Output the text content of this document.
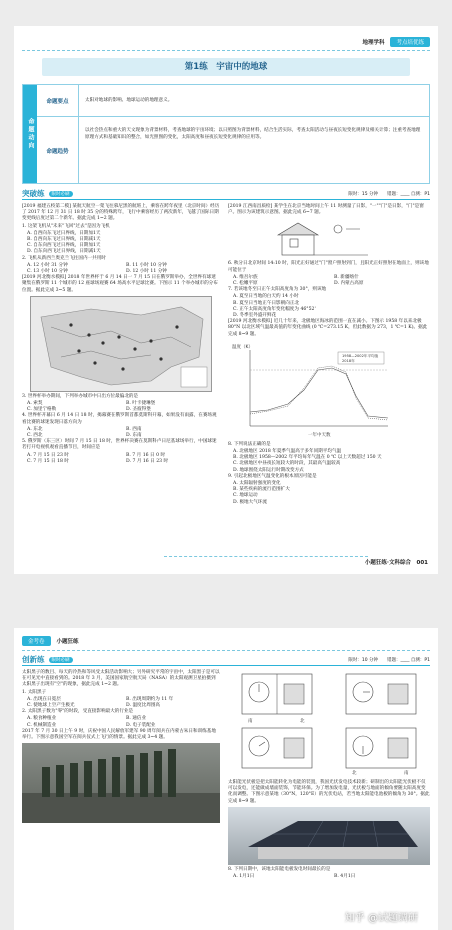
地理学科	考点培优练
第1练　宇宙中的地球
命题动向
命题要点	太阳对地球的影响、地球运动的地理意义。
命题趋势
以社会热点和重大的天文现象为背景材料，考查地球的宇宙环境；以日照图为背景材料，结合生活实际，考查太阳活动与昼夜长短变化规律及相关计算；注重考查地理原理方式和基础知识的整合，如光照图的变化，太阳高度和昼夜长短变化规律的应用等。
突破练	限时必刷	限时：15 分钟　　错题：____ 自测：P1
[2019 福建五校第二模] 某航天航空一架飞往慕尼黑的航班上，乘客在跨年夜里（北京时间）经历了 2017 年 12 月 31 日 18 时 35 分的特殊跨年，飞行中乘客经历了两次新年，飞越了国际日期变更线后度过第二个新年。据此完成 1~2 题。
1. 这架飞机从"未来"飞回"过去"是因为飞机
A. 自西向东飞过日界线，日期加1天
B. 自西向东飞过日界线，日期减1天
C. 自东向西飞过日界线，日期加1天
D. 自东向西飞过日界线，日期减1天
2. 飞机从新西兰奥克兰飞往国内一共用时
A. 12 小时 31 分钟	B. 11 小时 10 分钟
C. 13 小时 10 分钟	D. 12 小时 11 分钟
[2019 河北衡水模拟] 2018 年世界杯于 6 月 14 日一 7 月 15 日在俄罗斯举办，全世界有球迷聚集在俄罗斯 11 个城市的 12 座球场观赛 64 场高水平足球比赛。下图示 11 个举办城市的分布位置。据此完成 3~5 题。
3. 世界杯举办期间，下列举办城市中日出方位最偏北的是
A. 索契	B. 叶卡捷琳堡
C. 加里宁格勒	D. 圣彼得堡
4. 世界杯开幕日 6 月 14 日 18 时，揭幕赛在俄罗斯首都莫斯科开幕，如果没有雨露，在赛场观看比赛的球迷发现日落方向为
A. 东北	B. 西南
C. 西北	D. 东南
5. 俄罗斯（东三区）时间 7 月 15 日 18 时，世界杯决赛在莫斯科卢日尼基球场举行，中国球迷若打开电视机观看直播节目，时间应是
A. 7 月 15 日 23 时	B. 7 月 16 日 0 时
C. 7 月 15 日 18 时	D. 7 月 16 日 23 时
[2019 江西南昌质检] 某学生在北京当地时间上午 11 时测量了日影，"一""门"是日影，"门"是窗户。图示为该建筑示意图。据此完成 6~7 题。
6. 秋分日北京时间 14:10 时，阳光正好通过"门"窗户照射到门，且阳光正好照射在地面上，则该地可能位于
A. 维吾尔族	B. 新疆喀什
C. 松嫩平原	D. 内蒙古高原
7. 若该地冬至日正午太阳高度角为 30°，则该地
A. 夏至日当地的白天约 14 小时
B. 夏至日当地正午日影朝向正北
C. 正午太阳高度角年变化幅度为 46°52'
D. 冬季室外盛开鲜花
[2019 河北衡水模拟] 近几十年来，北极地区海冰的范围一直在减小。下图示 1958 年以来北极 80°N 以北区域气温最高值的年变化曲线 (0 ℃=273.15 K，但此数据为 273，1 ℃=1 K)。据此完成 8~9 题。
温度（K）
1958—2002年平均值
2018年
一年中天数
8. 下列说法正确的是
A. 北极地区 2018 年夏季气温高于多年同期平均气温
B. 北极地区 1958—2002 年平均每年气温在 0 ℃ 以上天数超过 150 天
C. 北极地区中昼夜长短较大的时段，其最高气温较高
D. 地球围绕太阳运行时期改变方式
9. 引起北极地区气温变化的根本原因可能是
A. 太阳辐射强度的变化
B. 某些疾病的流行范围扩大
C. 地球运动
D. 极地大气环流
小题狂练·文科综合　001
金考卷	小题狂练
创新练	限时必刷	限时：10 分钟　　错题：____ 自测：P1
太阳黑子的数目、每天的冷热和等风受太阳活动影响大；另外研究平常的宇宙中，太阳黑子是可以在可见光中直接看到的。2018 年 3 月，美国国家航空航天局（NASA）的太阳观测卫星拍摄到太阳黑子出现有"空"的现象，据此完成 1~2 题。
1. 太阳黑子
A. 出现在日冕层	B. 出现周期约为 11 年
C. 使地球上空产生极光	D. 温度比周围高
2. 太阳黑子数为"零"的时段，受直接影响最大的行业是
A. 粮食种植业	B. 通信业
C. 机械制造业	D. 电子装配业
2017 年 7 月 30 日上午 9 时，庆祝中国人民解放军建军 90 周年阅兵在内蒙古朱日和训练基地举行。下图示意我国空军在阅兵仪式上飞行的情景。据此完成 3~4 题。
南	北
北	南
太阳能光伏板是把太阳能转化为电能的装置，我国光伏发电技术较新；研制出的太阳能光伏板不仅可以发电，还能做成墙面装饰，节能环保。为了增加发电量，光伏板与地面的倾角要随太阳高度变化而调整。下图示意某地（30°N，120°E）的光伏电站，若当地太阳能电池板的倾角为 30°。据此完成 8~9 题。
8. 下列日期中，该地太阳能电板发电时间最长的是
A. 1月1日	B. 4月1日
知乎 @试题调研
